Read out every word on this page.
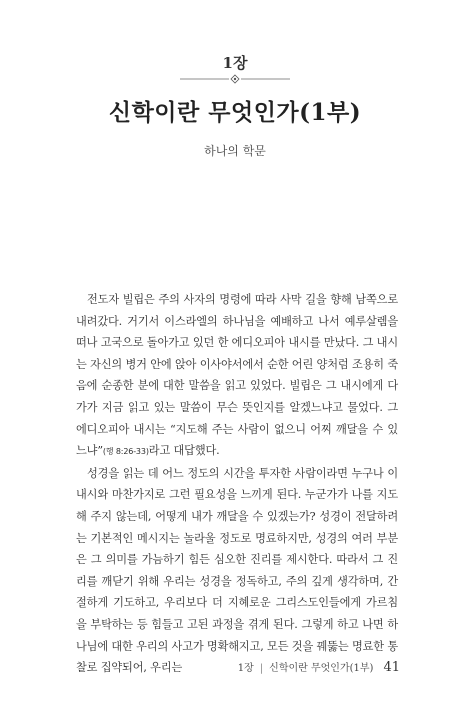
1장
신학이란 무엇인가(1부)
하나의 학문

전도자 빌립은 주의 사자의 명령에 따라 사막 길을 향해 남쪽으로 내려갔다. 거기서 이스라엘의 하나님을 예배하고 나서 예루살렘을 떠나 고국으로 돌아가고 있던 한 에디오피아 내시를 만났다. 그 내시는 자신의 병거 안에 앉아 이사야서에서 순한 어린 양처럼 조용히 죽음에 순종한 분에 대한 말씀을 읽고 있었다. 빌립은 그 내시에게 다가가 지금 읽고 있는 말씀이 무슨 뜻인지를 알겠느냐고 물었다. 그 에디오피아 내시는 “지도해 주는 사람이 없으니 어찌 깨달을 수 있느냐”(행 8:26-33)라고 대답했다.

성경을 읽는 데 어느 정도의 시간을 투자한 사람이라면 누구나 이 내시와 마찬가지로 그런 필요성을 느끼게 된다. 누군가가 나를 지도해 주지 않는데, 어떻게 내가 깨달을 수 있겠는가? 성경이 전달하려는 기본적인 메시지는 놀라울 정도로 명료하지만, 성경의 여러 부분은 그 의미를 가늠하기 힘든 심오한 진리를 제시한다. 따라서 그 진리를 깨닫기 위해 우리는 성경을 정독하고, 주의 깊게 생각하며, 간절하게 기도하고, 우리보다 더 지혜로운 그리스도인들에게 가르침을 부탁하는 등 힘들고 고된 과정을 겪게 된다. 그렇게 하고 나면 하나님에 대한 우리의 사고가 명확해지고, 모든 것을 꿰뚫는 명료한 통찰로 집약되어, 우리는	1장 | 신학이란 무엇인가(1부) 41
